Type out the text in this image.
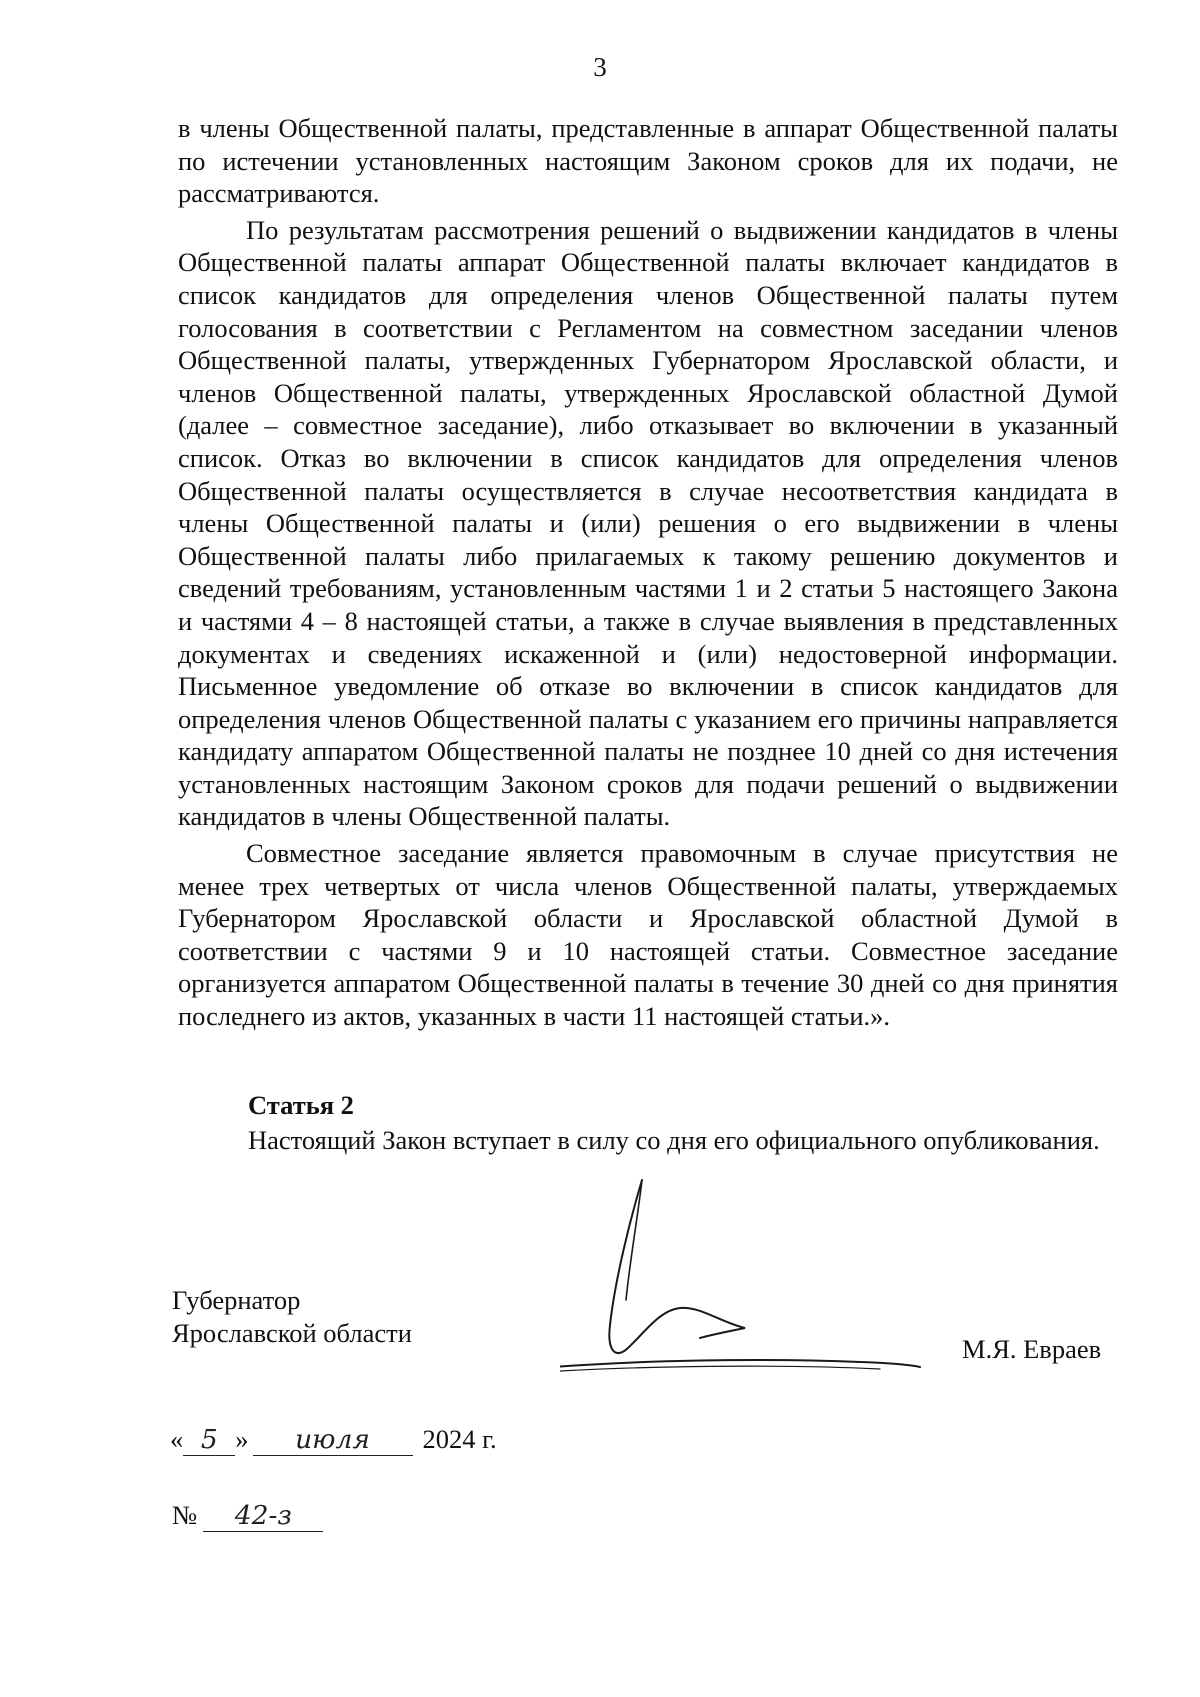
3

в члены Общественной палаты, представленные в аппарат Общественной палаты по истечении установленных настоящим Законом сроков для их подачи, не рассматриваются.

По результатам рассмотрения решений о выдвижении кандидатов в члены Общественной палаты аппарат Общественной палаты включает кандидатов в список кандидатов для определения членов Общественной палаты путем голосования в соответствии с Регламентом на совместном заседании членов Общественной палаты, утвержденных Губернатором Ярославской области, и членов Общественной палаты, утвержденных Ярославской областной Думой (далее – совместное заседание), либо отказывает во включении в указанный список. Отказ во включении в список кандидатов для определения членов Общественной палаты осуществляется в случае несоответствия кандидата в члены Общественной палаты и (или) решения о его выдвижении в члены Общественной палаты либо прилагаемых к такому решению документов и сведений требованиям, установленным частями 1 и 2 статьи 5 настоящего Закона и частями 4 – 8 настоящей статьи, а также в случае выявления в представленных документах и сведениях искаженной и (или) недостоверной информации. Письменное уведомление об отказе во включении в список кандидатов для определения членов Общественной палаты с указанием его причины направляется кандидату аппаратом Общественной палаты не позднее 10 дней со дня истечения установленных настоящим Законом сроков для подачи решений о выдвижении кандидатов в члены Общественной палаты.

Совместное заседание является правомочным в случае присутствия не менее трех четвертых от числа членов Общественной палаты, утверждаемых Губернатором Ярославской области и Ярославской областной Думой в соответствии с частями 9 и 10 настоящей статьи. Совместное заседание организуется аппаратом Общественной палаты в течение 30 дней со дня принятия последнего из актов, указанных в части 11 настоящей статьи.».

Статья 2

Настоящий Закон вступает в силу со дня его официального опубликования.

Губернатор
Ярославской области
М.Я. Евраев
« 5 » июля 2024 г.
№ 42-з
